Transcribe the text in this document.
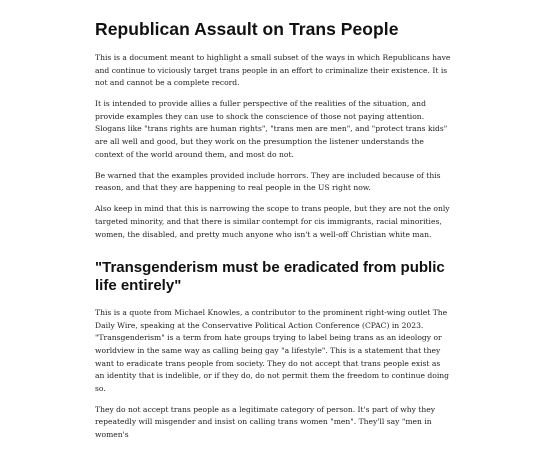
Republican Assault on Trans People

This is a document meant to highlight a small subset of the ways in which Republicans have and continue to viciously target trans people in an effort to criminalize their existence. It is not and cannot be a complete record.

It is intended to provide allies a fuller perspective of the realities of the situation, and provide examples they can use to shock the conscience of those not paying attention. Slogans like "trans rights are human rights", "trans men are men", and "protect trans kids" are all well and good, but they work on the presumption the listener understands the context of the world around them, and most do not.

Be warned that the examples provided include horrors. They are included because of this reason, and that they are happening to real people in the US right now.

Also keep in mind that this is narrowing the scope to trans people, but they are not the only targeted minority, and that there is similar contempt for cis immigrants, racial minorities, women, the disabled, and pretty much anyone who isn't a well-off Christian white man.

"Transgenderism must be eradicated from public life entirely"

This is a quote from Michael Knowles, a contributor to the prominent right-wing outlet The Daily Wire, speaking at the Conservative Political Action Conference (CPAC) in 2023. "Transgenderism" is a term from hate groups trying to label being trans as an ideology or worldview in the same way as calling being gay "a lifestyle". This is a statement that they want to eradicate trans people from society. They do not accept that trans people exist as an identity that is indelible, or if they do, do not permit them the freedom to continue doing so.

They do not accept trans people as a legitimate category of person. It's part of why they repeatedly will misgender and insist on calling trans women "men". They'll say "men in women's
